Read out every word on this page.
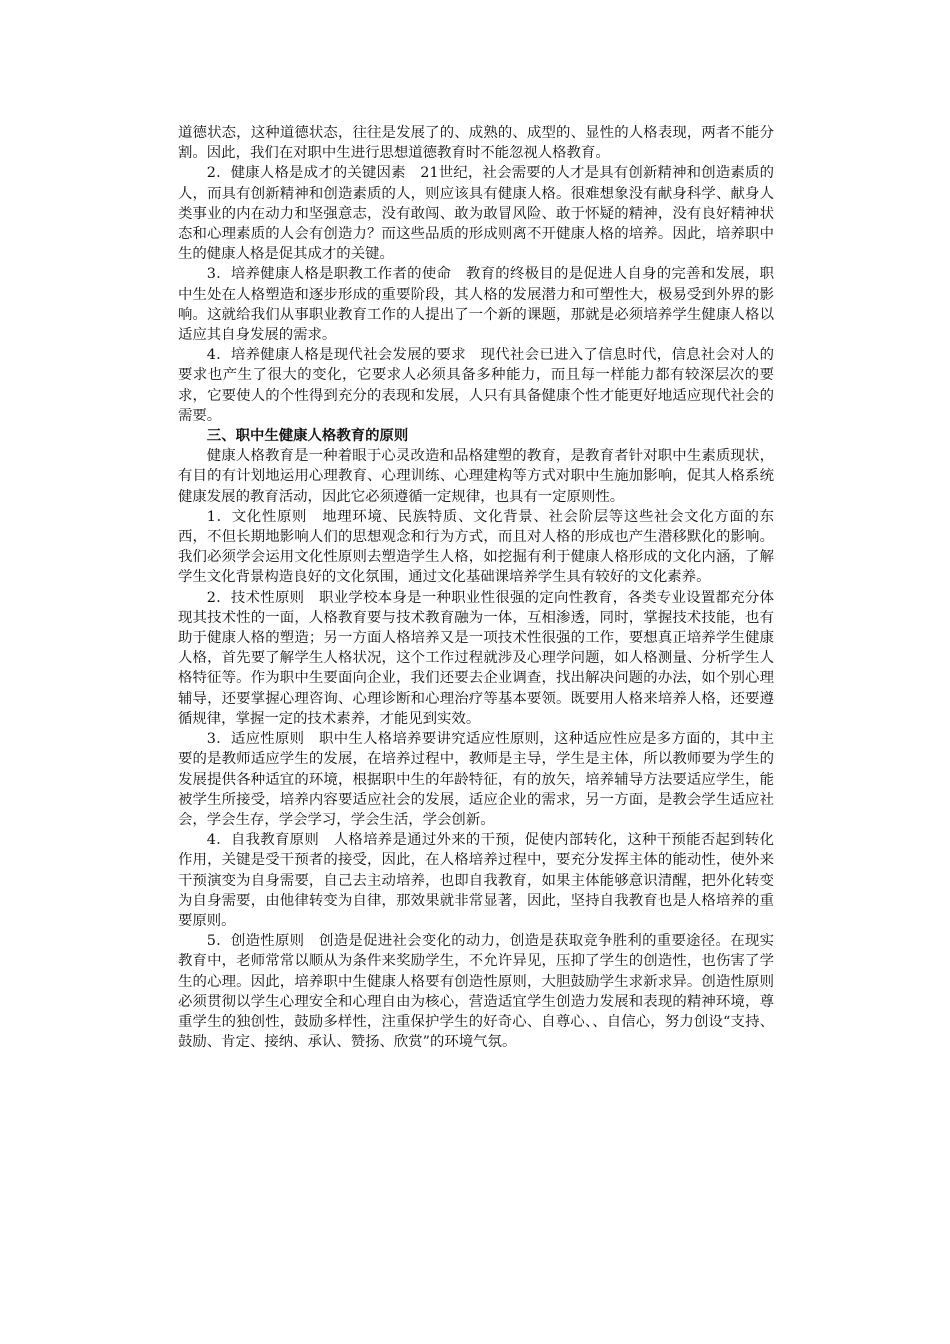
道德状态，这种道德状态，往往是发展了的、成熟的、成型的、显性的人格表现，两者不能分割。因此，我们在对职中生进行思想道德教育时不能忽视人格教育。

2．健康人格是成才的关键因素　21世纪，社会需要的人才是具有创新精神和创造素质的人，而具有创新精神和创造素质的人，则应该具有健康人格。很难想象没有献身科学、献身人类事业的内在动力和坚强意志，没有敢闯、敢为敢冒风险、敢于怀疑的精神，没有良好精神状态和心理素质的人会有创造力？而这些品质的形成则离不开健康人格的培养。因此，培养职中生的健康人格是促其成才的关键。

3．培养健康人格是职教工作者的使命　教育的终极目的是促进人自身的完善和发展，职中生处在人格塑造和逐步形成的重要阶段，其人格的发展潜力和可塑性大，极易受到外界的影响。这就给我们从事职业教育工作的人提出了一个新的课题，那就是必须培养学生健康人格以适应其自身发展的需求。

4．培养健康人格是现代社会发展的要求　现代社会已进入了信息时代，信息社会对人的要求也产生了很大的变化，它要求人必须具备多种能力，而且每一样能力都有较深层次的要求，它要使人的个性得到充分的表现和发展，人只有具备健康个性才能更好地适应现代社会的需要。

三、职中生健康人格教育的原则

健康人格教育是一种着眼于心灵改造和品格建塑的教育，是教育者针对职中生素质现状，有目的有计划地运用心理教育、心理训练、心理建构等方式对职中生施加影响，促其人格系统健康发展的教育活动，因此它必须遵循一定规律，也具有一定原则性。

1．文化性原则　地理环境、民族特质、文化背景、社会阶层等这些社会文化方面的东西，不但长期地影响人们的思想观念和行为方式，而且对人格的形成也产生潜移默化的影响。我们必须学会运用文化性原则去塑造学生人格，如挖掘有利于健康人格形成的文化内涵，了解学生文化背景构造良好的文化氛围，通过文化基础课培养学生具有较好的文化素养。

2．技术性原则　职业学校本身是一种职业性很强的定向性教育，各类专业设置都充分体现其技术性的一面，人格教育要与技术教育融为一体，互相渗透，同时，掌握技术技能，也有助于健康人格的塑造；另一方面人格培养又是一项技术性很强的工作，要想真正培养学生健康人格，首先要了解学生人格状况，这个工作过程就涉及心理学问题，如人格测量、分析学生人格特征等。作为职中生要面向企业，我们还要去企业调查，找出解决问题的办法，如个别心理辅导，还要掌握心理咨询、心理诊断和心理治疗等基本要领。既要用人格来培养人格，还要遵循规律，掌握一定的技术素养，才能见到实效。

3．适应性原则　职中生人格培养要讲究适应性原则，这种适应性应是多方面的，其中主要的是教师适应学生的发展，在培养过程中，教师是主导，学生是主体，所以教师要为学生的发展提供各种适宜的环境，根据职中生的年龄特征，有的放矢，培养辅导方法要适应学生，能被学生所接受，培养内容要适应社会的发展，适应企业的需求，另一方面，是教会学生适应社会，学会生存，学会学习，学会生活，学会创新。

4．自我教育原则　人格培养是通过外来的干预，促使内部转化，这种干预能否起到转化作用，关键是受干预者的接受，因此，在人格培养过程中，要充分发挥主体的能动性，使外来干预演变为自身需要，自己去主动培养，也即自我教育，如果主体能够意识清醒，把外化转变为自身需要，由他律转变为自律，那效果就非常显著，因此，坚持自我教育也是人格培养的重要原则。

5．创造性原则　创造是促进社会变化的动力，创造是获取竞争胜利的重要途径。在现实教育中，老师常常以顺从为条件来奖励学生，不允许异见，压抑了学生的创造性，也伤害了学生的心理。因此，培养职中生健康人格要有创造性原则，大胆鼓励学生求新求异。创造性原则必须贯彻以学生心理安全和心理自由为核心，营造适宜学生创造力发展和表现的精神环境，尊重学生的独创性，鼓励多样性，注重保护学生的好奇心、自尊心、、自信心，努力创设“支持、鼓励、肯定、接纳、承认、赞扬、欣赏”的环境气氛。
